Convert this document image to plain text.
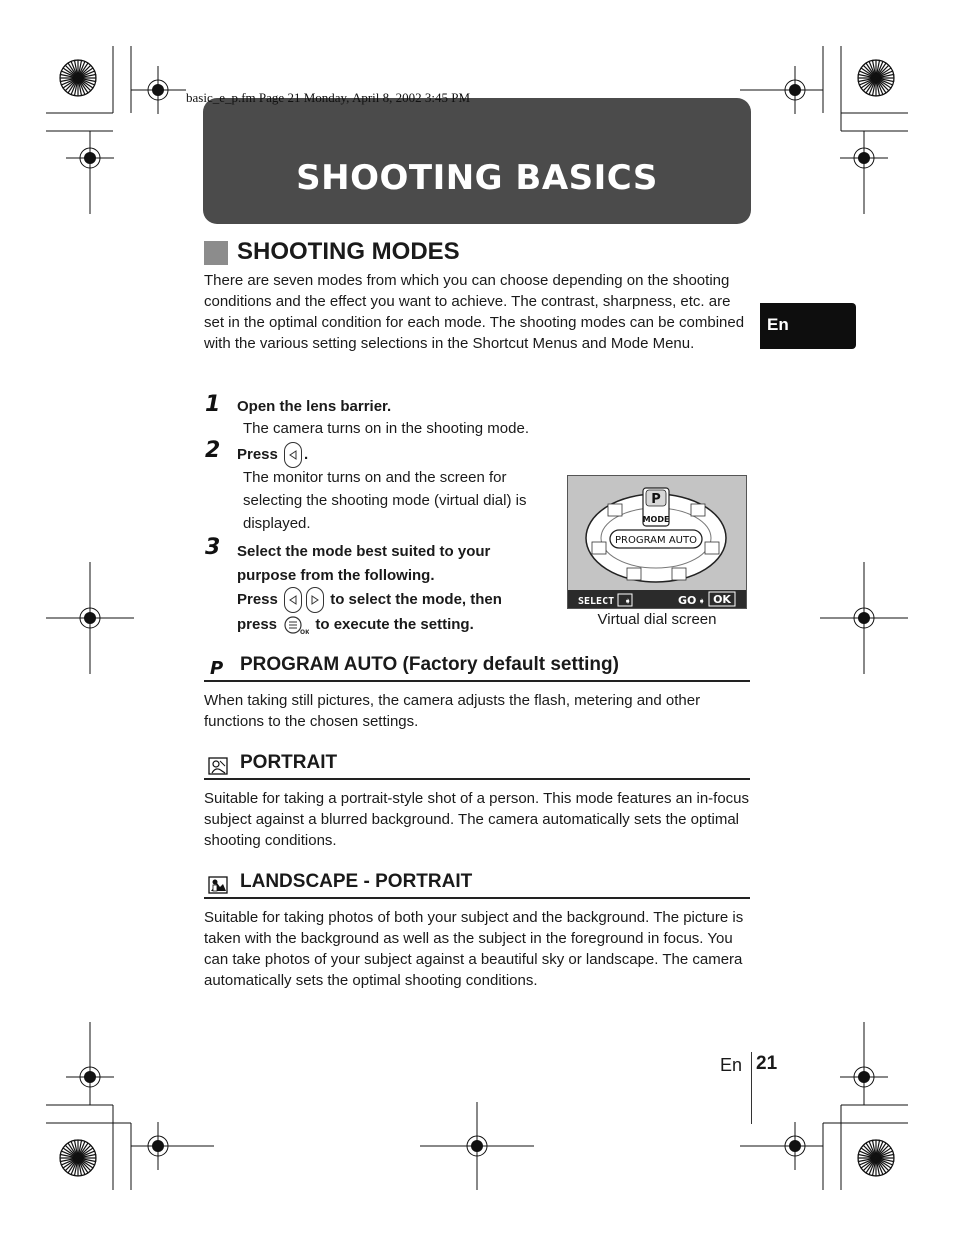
SHOOTING BASICS
basic_e_p.fm Page 21 Monday, April 8, 2002 3:45 PM
SHOOTING MODES
There are seven modes from which you can choose depending on the shooting conditions and the effect you want to achieve. The contrast, sharpness, etc. are set in the optimal condition for each mode. The shooting modes can be combined with the various setting selections in the Shortcut Menus and Mode Menu.
En
1 Open the lens barrier.
The camera turns on in the shooting mode.
2 Press .
The monitor turns on and the screen for
selecting the shooting mode (virtual dial) is
displayed.
3 Select the mode best suited to your
purpose from the following.
Press	to select the mode, then
press	OK to execute the setting.
P
MODE
PROGRAM AUTO
SELECT ➧	GO ➧ OK
Virtual dial screen
P PROGRAM AUTO (Factory default setting)
When taking still pictures, the camera adjusts the flash, metering and other functions to the chosen settings.
PORTRAIT
Suitable for taking a portrait-style shot of a person. This mode features an in-focus subject against a blurred background. The camera automatically sets the optimal shooting conditions.
LANDSCAPE - PORTRAIT
Suitable for taking photos of both your subject and the background. The picture is taken with the background as well as the subject in the foreground in focus. You can take photos of your subject against a beautiful sky or landscape. The camera automatically sets the optimal shooting conditions.
En 21
